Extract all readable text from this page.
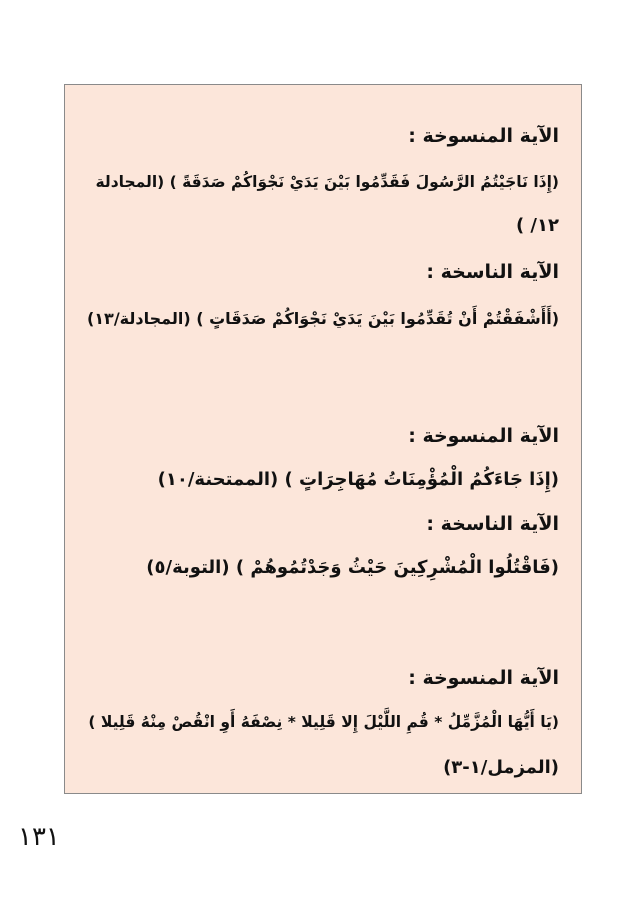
الآية المنسوخة :
(إِذَا نَاجَيْتُمُ الرَّسُولَ فَقَدِّمُوا بَيْنَ يَدَيْ نَجْوَاكُمْ صَدَقَةً ) (المجادلة
١٢/ )
الآية الناسخة :
(أَأَشْفَقْتُمْ أَنْ تُقَدِّمُوا بَيْنَ يَدَيْ نَجْوَاكُمْ صَدَقَاتٍ ) (المجادلة/١٣)
الآية المنسوخة :
(إِذَا جَاءَكُمُ الْمُؤْمِنَاتُ مُهَاجِرَاتٍ ) (الممتحنة/١٠)
الآية الناسخة :
(فَاقْتُلُوا الْمُشْرِكِينَ حَيْثُ وَجَدْتُمُوهُمْ ) (التوبة/٥)
الآية المنسوخة :
(يَا أَيُّهَا الْمُزَّمِّلُ * قُمِ اللَّيْلَ إِلا قَلِيلا * نِصْفَهُ أَوِ انْقُصْ مِنْهُ قَلِيلا )
(المزمل/١-٣)
١٣١
